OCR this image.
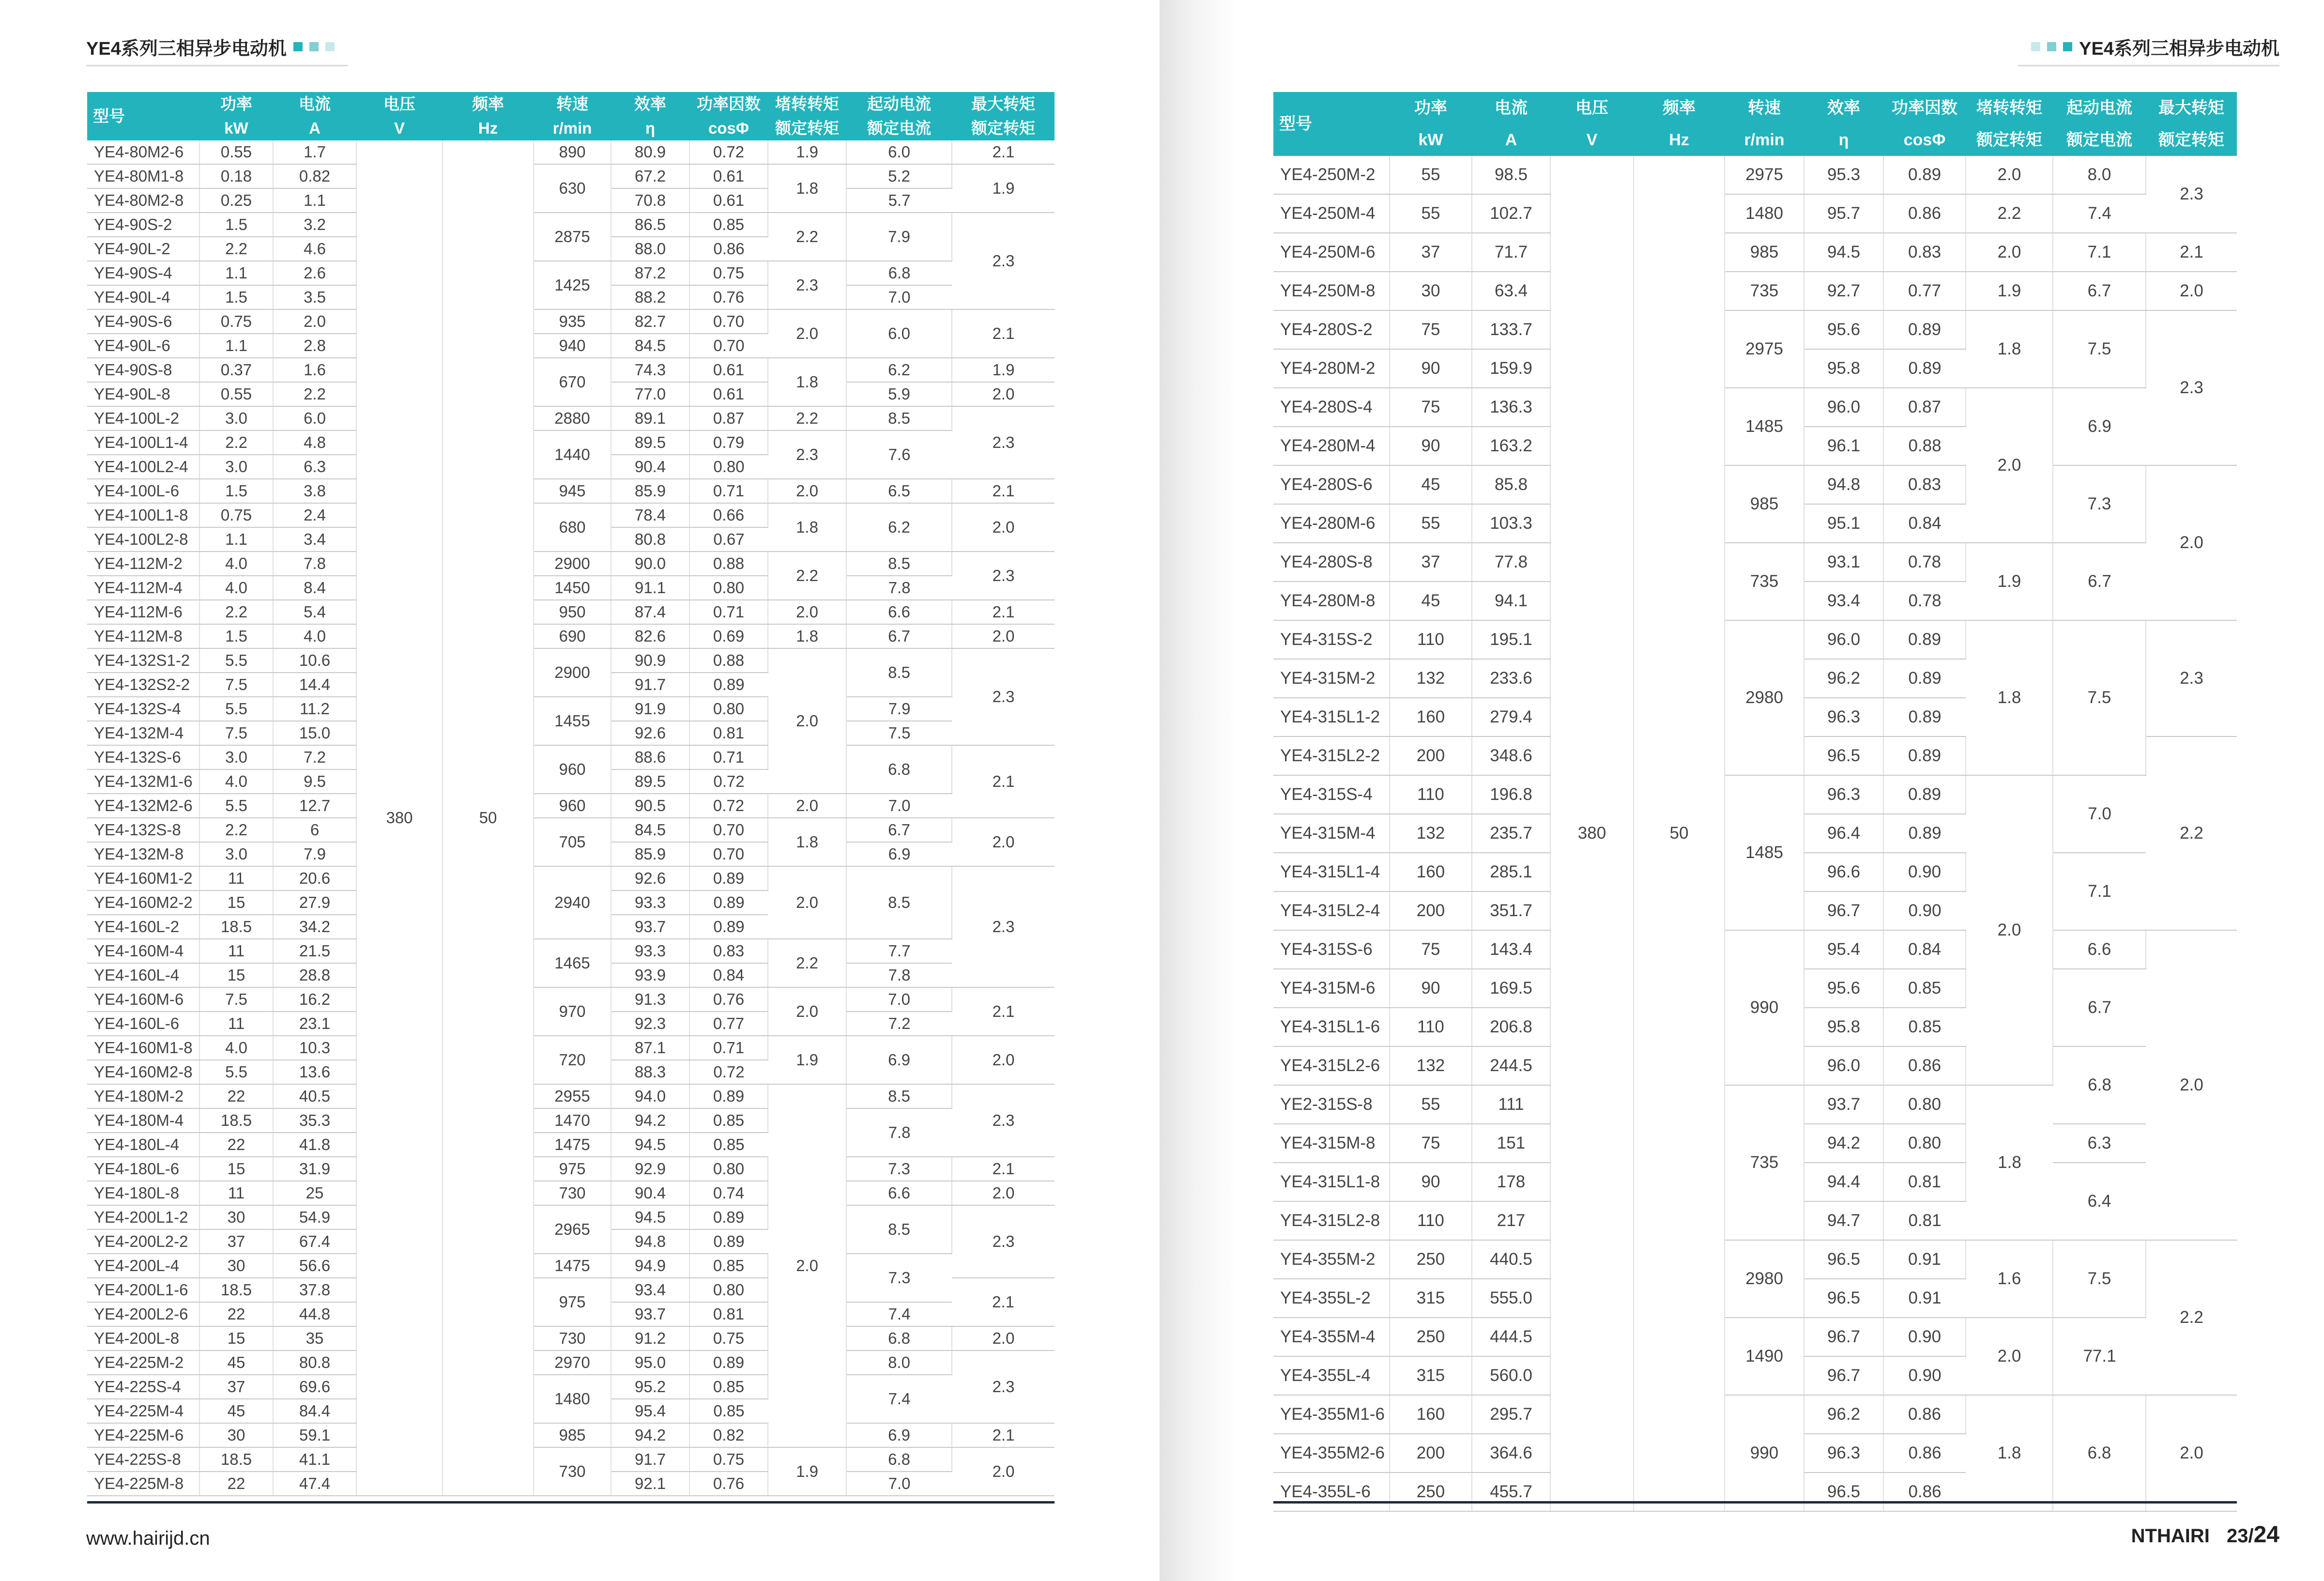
YE4系列三相异步电动机
型号	功率	电流	电压	频率	转速	效率	功率因数	堵转转矩	起动电流	最大转矩
	kW	A	V	Hz	r/min	η	cosΦ	额定转矩	额定电流	额定转矩
YE4-80M2-6	0.55	1.7	380	50	890	80.9	0.72	1.9	6.0	2.1
YE4-80M1-8	0.18	0.82			630	67.2	0.61	1.8	5.2	1.9
YE4-80M2-8	0.25	1.1				70.8	0.61		5.7	
YE4-90S-2	1.5	3.2			2875	86.5	0.85	2.2	7.9	2.3
YE4-90L-2	2.2	4.6				88.0	0.86			
YE4-90S-4	1.1	2.6			1425	87.2	0.75	2.3	6.8	
YE4-90L-4	1.5	3.5				88.2	0.76		7.0	
YE4-90S-6	0.75	2.0			935	82.7	0.70	2.0	6.0	2.1
YE4-90L-6	1.1	2.8			940	84.5	0.70			
YE4-90S-8	0.37	1.6			670	74.3	0.61	1.8	6.2	1.9
YE4-90L-8	0.55	2.2				77.0	0.61		5.9	2.0
YE4-100L-2	3.0	6.0			2880	89.1	0.87	2.2	8.5	2.3
YE4-100L1-4	2.2	4.8			1440	89.5	0.79	2.3	7.6	
YE4-100L2-4	3.0	6.3				90.4	0.80			
YE4-100L-6	1.5	3.8			945	85.9	0.71	2.0	6.5	2.1
YE4-100L1-8	0.75	2.4			680	78.4	0.66	1.8	6.2	2.0
YE4-100L2-8	1.1	3.4				80.8	0.67			
YE4-112M-2	4.0	7.8			2900	90.0	0.88	2.2	8.5	2.3
YE4-112M-4	4.0	8.4			1450	91.1	0.80		7.8	
YE4-112M-6	2.2	5.4			950	87.4	0.71	2.0	6.6	2.1
YE4-112M-8	1.5	4.0			690	82.6	0.69	1.8	6.7	2.0
YE4-132S1-2	5.5	10.6			2900	90.9	0.88	2.0	8.5	2.3
YE4-132S2-2	7.5	14.4				91.7	0.89			
YE4-132S-4	5.5	11.2			1455	91.9	0.80		7.9	
YE4-132M-4	7.5	15.0				92.6	0.81		7.5	
YE4-132S-6	3.0	7.2			960	88.6	0.71		6.8	2.1
YE4-132M1-6	4.0	9.5				89.5	0.72			
YE4-132M2-6	5.5	12.7			960	90.5	0.72	2.0	7.0	
YE4-132S-8	2.2	6			705	84.5	0.70	1.8	6.7	2.0
YE4-132M-8	3.0	7.9				85.9	0.70		6.9	
YE4-160M1-2	11	20.6			2940	92.6	0.89	2.0	8.5	2.3
YE4-160M2-2	15	27.9				93.3	0.89			
YE4-160L-2	18.5	34.2				93.7	0.89			
YE4-160M-4	11	21.5			1465	93.3	0.83	2.2	7.7	
YE4-160L-4	15	28.8				93.9	0.84		7.8	
YE4-160M-6	7.5	16.2			970	91.3	0.76	2.0	7.0	2.1
YE4-160L-6	11	23.1				92.3	0.77		7.2	
YE4-160M1-8	4.0	10.3			720	87.1	0.71	1.9	6.9	2.0
YE4-160M2-8	5.5	13.6				88.3	0.72			
YE4-180M-2	22	40.5			2955	94.0	0.89	2.0	8.5	2.3
YE4-180M-4	18.5	35.3			1470	94.2	0.85		7.8	
YE4-180L-4	22	41.8			1475	94.5	0.85			
YE4-180L-6	15	31.9			975	92.9	0.80		7.3	2.1
YE4-180L-8	11	25			730	90.4	0.74		6.6	2.0
YE4-200L1-2	30	54.9			2965	94.5	0.89		8.5	2.3
YE4-200L2-2	37	67.4				94.8	0.89			
YE4-200L-4	30	56.6			1475	94.9	0.85		7.3	
YE4-200L1-6	18.5	37.8			975	93.4	0.80			2.1
YE4-200L2-6	22	44.8				93.7	0.81		7.4	
YE4-200L-8	15	35			730	91.2	0.75		6.8	2.0
YE4-225M-2	45	80.8			2970	95.0	0.89		8.0	2.3
YE4-225S-4	37	69.6			1480	95.2	0.85		7.4	
YE4-225M-4	45	84.4				95.4	0.85			
YE4-225M-6	30	59.1			985	94.2	0.82		6.9	2.1
YE4-225S-8	18.5	41.1			730	91.7	0.75	1.9	6.8	2.0
YE4-225M-8	22	47.4				92.1	0.76		7.0	
www.hairijd.cn
YE4系列三相异步电动机
型号	功率	电流	电压	频率	转速	效率	功率因数	堵转转矩	起动电流	最大转矩
	kW	A	V	Hz	r/min	η	cosΦ	额定转矩	额定电流	额定转矩
YE4-250M-2	55	98.5	380	50	2975	95.3	0.89	2.0	8.0	2.3
YE4-250M-4	55	102.7			1480	95.7	0.86	2.2	7.4	
YE4-250M-6	37	71.7			985	94.5	0.83	2.0	7.1	2.1
YE4-250M-8	30	63.4			735	92.7	0.77	1.9	6.7	2.0
YE4-280S-2	75	133.7			2975	95.6	0.89	1.8	7.5	2.3
YE4-280M-2	90	159.9				95.8	0.89			
YE4-280S-4	75	136.3			1485	96.0	0.87	2.0	6.9	
YE4-280M-4	90	163.2				96.1	0.88			
YE4-280S-6	45	85.8			985	94.8	0.83		7.3	2.0
YE4-280M-6	55	103.3				95.1	0.84			
YE4-280S-8	37	77.8			735	93.1	0.78	1.9	6.7	
YE4-280M-8	45	94.1				93.4	0.78			
YE4-315S-2	110	195.1			2980	96.0	0.89	1.8	7.5	2.3
YE4-315M-2	132	233.6				96.2	0.89			
YE4-315L1-2	160	279.4				96.3	0.89			
YE4-315L2-2	200	348.6				96.5	0.89			2.2
YE4-315S-4	110	196.8			1485	96.3	0.89	2.0	7.0	
YE4-315M-4	132	235.7				96.4	0.89			
YE4-315L1-4	160	285.1				96.6	0.90		7.1	
YE4-315L2-4	200	351.7				96.7	0.90			
YE4-315S-6	75	143.4			990	95.4	0.84		6.6	2.0
YE4-315M-6	90	169.5				95.6	0.85		6.7	
YE4-315L1-6	110	206.8				95.8	0.85			
YE4-315L2-6	132	244.5				96.0	0.86		6.8	
YE2-315S-8	55	111			735	93.7	0.80	1.8		
YE4-315M-8	75	151				94.2	0.80		6.3	
YE4-315L1-8	90	178				94.4	0.81		6.4	
YE4-315L2-8	110	217				94.7	0.81			
YE4-355M-2	250	440.5			2980	96.5	0.91	1.6	7.5	2.2
YE4-355L-2	315	555.0				96.5	0.91			
YE4-355M-4	250	444.5			1490	96.7	0.90	2.0	77.1	
YE4-355L-4	315	560.0				96.7	0.90			
YE4-355M1-6	160	295.7			990	96.2	0.86	1.8	6.8	2.0
YE4-355M2-6	200	364.6				96.3	0.86			
YE4-355L-6	250	455.7				96.5	0.86			
NTHAIRI 23/24
